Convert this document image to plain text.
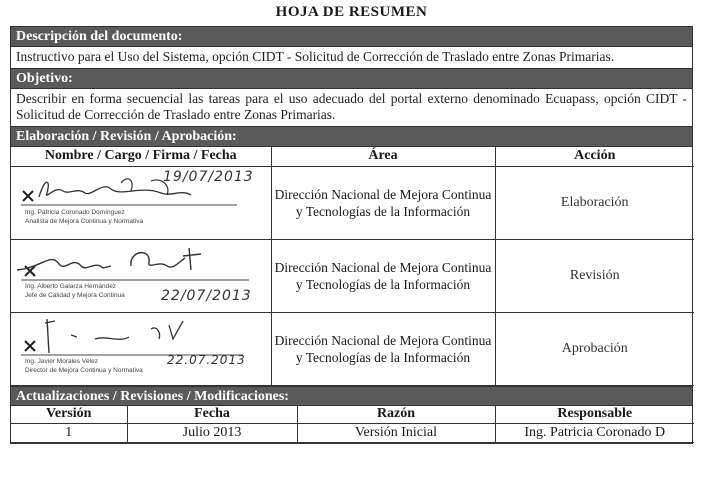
HOJA DE RESUMEN
Descripción del documento:
Instructivo para el Uso del Sistema, opción CIDT - Solicitud de Corrección de Traslado entre Zonas Primarias.
Objetivo:
Describir en forma secuencial las tareas para el uso adecuado del portal externo denominado Ecuapass, opción CIDT - Solicitud de Corrección de Traslado entre Zonas Primarias.
Elaboración / Revisión / Aprobación:
Nombre / Cargo / Firma / Fecha	Área	Acción

19/07/2013
Ing. Patricia Coronado Domínguez
Analista de Mejora Continua y Normativa	Dirección Nacional de Mejora Continua y Tecnologías de la Información	Elaboración

22/07/2013
Ing. Alberto Galarza Hernández
Jefe de Calidad y Mejora Continua	Dirección Nacional de Mejora Continua y Tecnologías de la Información	Revisión

22.07.2013
Ing. Javier Morales Vélez
Director de Mejora Continua y Normativa	Dirección Nacional de Mejora Continua y Tecnologías de la Información	Aprobación
Actualizaciones / Revisiones / Modificaciones:
Versión	Fecha	Razón	Responsable
1	Julio 2013	Versión Inicial	Ing. Patricia Coronado D
